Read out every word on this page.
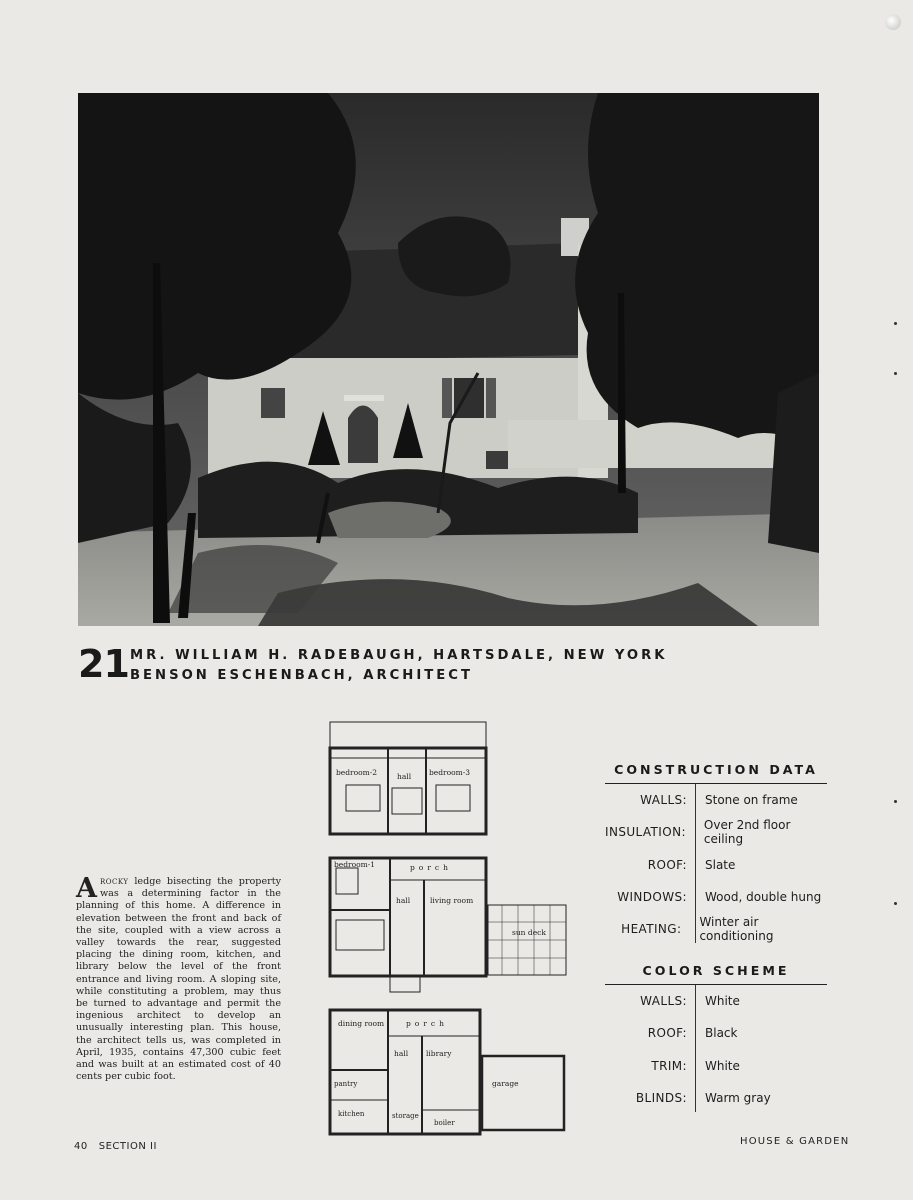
21 MR. WILLIAM H. RADEBAUGH, HARTSDALE, NEW YORK
BENSON ESCHENBACH, ARCHITECT
bedroom-2	hall bedroom-3
bedroom-1	porch
hall	living room
sun deck
dining room	porch
hall library
pantry
kitchen	storage
boiler
garage
Arocky ledge bisecting the property was a determining factor in the planning of this home. A difference in elevation between the front and back of the site, coupled with a view across a valley towards the rear, suggested placing the dining room, kitchen, and library below the level of the front entrance and living room. A sloping site, while constituting a problem, may thus be turned to advantage and permit the ingenious architect to develop an unusually interesting plan. This house, the architect tells us, was completed in April, 1935, contains 47,300 cubic feet and was built at an estimated cost of 40 cents per cubic foot.
CONSTRUCTION DATA
WALLS:	Stone on frame
INSULATION:	Over 2nd floor ceiling
ROOF:	Slate
WINDOWS:	Wood, double hung
HEATING:	Winter air conditioning
COLOR SCHEME
WALLS:	White
ROOF:	Black
TRIM:	White
BLINDS:	Warm gray
40   SECTION II	HOUSE & GARDEN
